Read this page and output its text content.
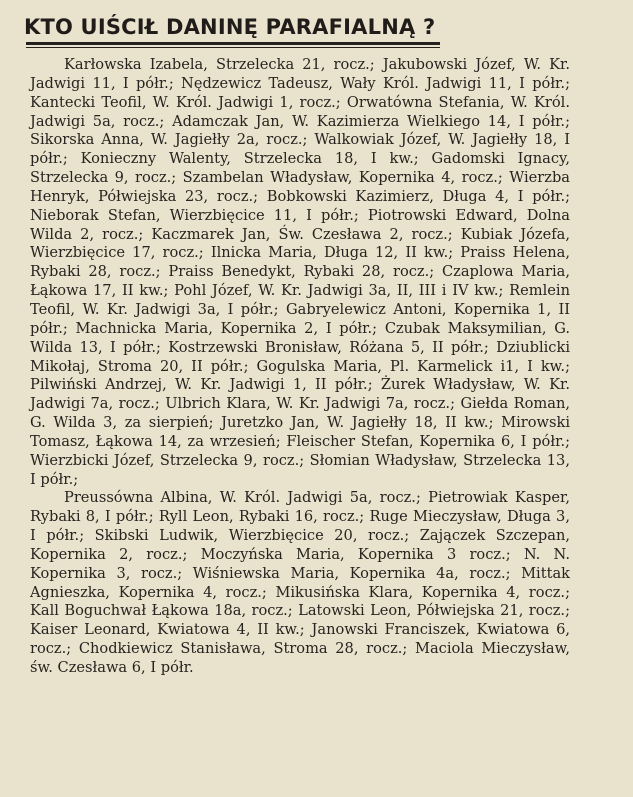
KTO UIŚCIŁ DANINĘ PARAFIALNĄ ?

Karłowska Izabela, Strzelecka 21, rocz.; Jakubowski Józef, W. Kr. Jadwigi 11, I półr.; Nędzewicz Tadeusz, Wały Król. Jadwigi 11, I półr.; Kantecki Teofil, W. Król. Jadwigi 1, rocz.; Orwatówna Stefania, W. Król. Jadwigi 5a, rocz.; Adamczak Jan, W. Kazimierza Wielkiego 14, I półr.; Sikorska Anna, W. Jagiełły 2a, rocz.; Walkowiak Józef, W. Jagiełły 18, I półr.; Konieczny Walenty, Strzelecka 18, I kw.; Gadomski Ignacy, Strzelecka 9, rocz.; Szambelan Władysław, Kopernika 4, rocz.; Wierzba Henryk, Półwiejska 23, rocz.; Bobkowski Kazimierz, Długa 4, I półr.; Nieborak Stefan, Wierzbięcice 11, I półr.; Piotrowski Edward, Dolna Wilda 2, rocz.; Kaczmarek Jan, Św. Czesława 2, rocz.; Kubiak Józefa, Wierzbięcice 17, rocz.; Ilnicka Maria, Długa 12, II kw.; Praiss Helena, Rybaki 28, rocz.; Praiss Benedykt, Rybaki 28, rocz.; Czaplowa Maria, Łąkowa 17, II kw.; Pohl Józef, W. Kr. Jadwigi 3a, II, III i IV kw.; Remlein Teofil, W. Kr. Jadwigi 3a, I półr.; Gabryelewicz Antoni, Kopernika 1, II półr.; Machnicka Maria, Kopernika 2, I półr.; Czubak Maksymilian, G. Wilda 13, I półr.; Kostrzewski Bronisław, Różana 5, II półr.; Dziublicki Mikołaj, Stroma 20, II półr.; Gogulska Maria, Pl. Karmelick i1, I kw.; Pilwiński Andrzej, W. Kr. Jadwigi 1, II półr.; Żurek Władysław, W. Kr. Jadwigi 7a, rocz.; Ulbrich Klara, W. Kr. Jadwigi 7a, rocz.; Giełda Roman, G. Wilda 3, za sierpień; Juretzko Jan, W. Jagiełły 18, II kw.; Mirowski Tomasz, Łąkowa 14, za wrzesień; Fleischer Stefan, Kopernika 6, I półr.; Wierzbicki Józef, Strzelecka 9, rocz.; Słomian Władysław, Strzelecka 13, I półr.;

Preussówna Albina, W. Król. Jadwigi 5a, rocz.; Pietrowiak Kasper, Rybaki 8, I półr.; Ryll Leon, Rybaki 16, rocz.; Ruge Mieczysław, Długa 3, I półr.; Skibski Ludwik, Wierzbięcice 20, rocz.; Zajączek Szczepan, Kopernika 2, rocz.; Moczyńska Maria, Kopernika 3 rocz.; N. N. Kopernika 3, rocz.; Wiśniewska Maria, Kopernika 4a, rocz.; Mittak Agnieszka, Kopernika 4, rocz.; Mikusińska Klara, Kopernika 4, rocz.; Kall Boguchwał Łąkowa 18a, rocz.; Latowski Leon, Półwiejska 21, rocz.; Kaiser Leonard, Kwiatowa 4, II kw.; Janowski Franciszek, Kwiatowa 6, rocz.; Chodkiewicz Stanisława, Stroma 28, rocz.; Maciola Mieczysław, św. Czesława 6, I półr.
